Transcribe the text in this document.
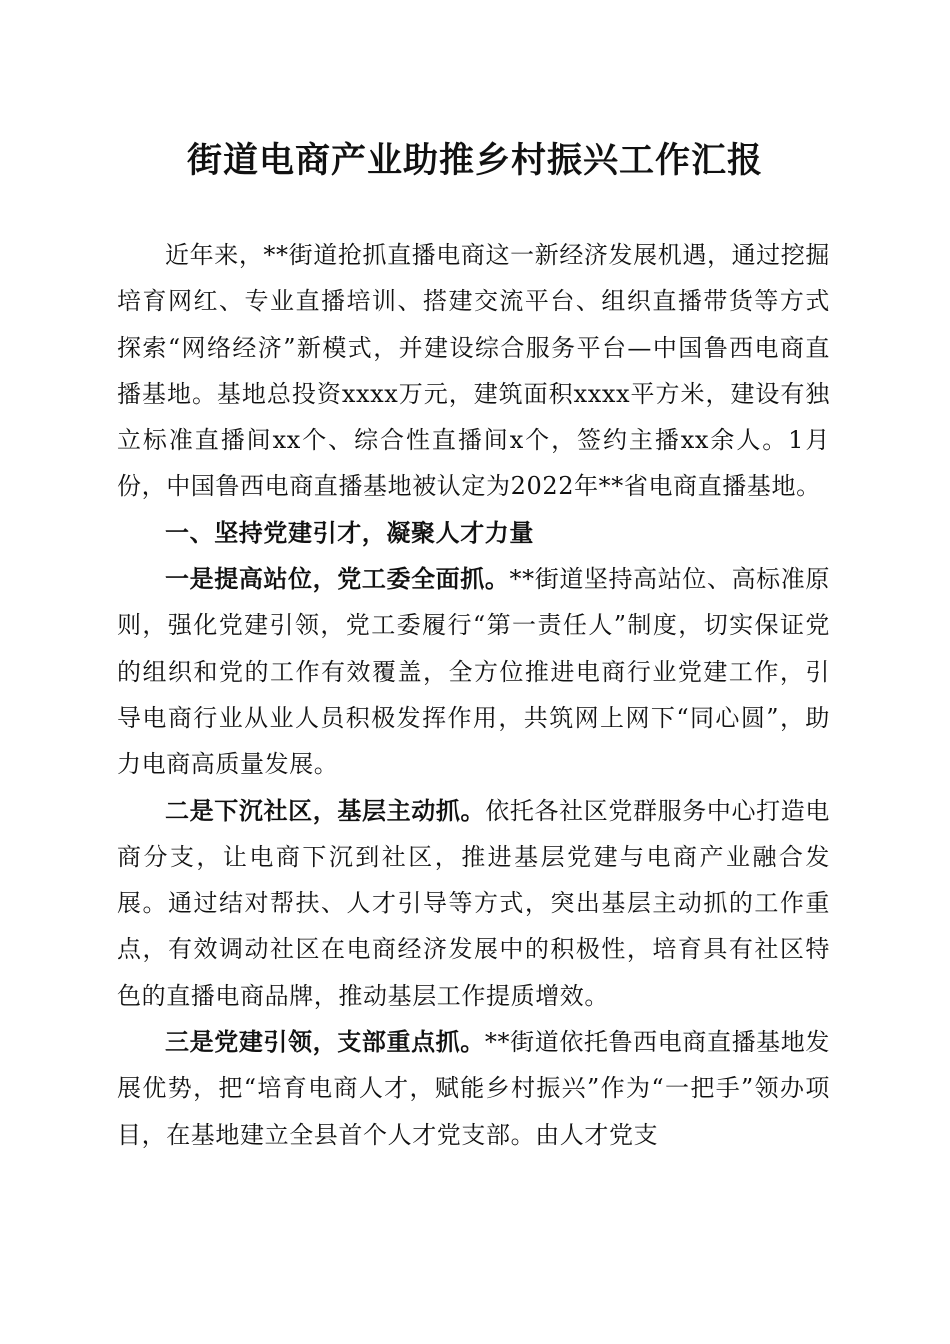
街道电商产业助推乡村振兴工作汇报

近年来，**街道抢抓直播电商这一新经济发展机遇，通过挖掘培育网红、专业直播培训、搭建交流平台、组织直播带货等方式探索“网络经济”新模式，并建设综合服务平台—中国鲁西电商直播基地。基地总投资xxxx万元，建筑面积xxxx平方米，建设有独立标准直播间xx个、综合性直播间x个，签约主播xx余人。1月份，中国鲁西电商直播基地被认定为2022年**省电商直播基地。

一、坚持党建引才，凝聚人才力量

一是提高站位，党工委全面抓。**街道坚持高站位、高标准原则，强化党建引领，党工委履行“第一责任人”制度，切实保证党的组织和党的工作有效覆盖，全方位推进电商行业党建工作，引导电商行业从业人员积极发挥作用，共筑网上网下“同心圆”，助力电商高质量发展。

二是下沉社区，基层主动抓。依托各社区党群服务中心打造电商分支，让电商下沉到社区，推进基层党建与电商产业融合发展。通过结对帮扶、人才引导等方式，突出基层主动抓的工作重点，有效调动社区在电商经济发展中的积极性，培育具有社区特色的直播电商品牌，推动基层工作提质增效。

三是党建引领，支部重点抓。**街道依托鲁西电商直播基地发展优势，把“培育电商人才，赋能乡村振兴”作为“一把手”领办项目，在基地建立全县首个人才党支部。由人才党支
